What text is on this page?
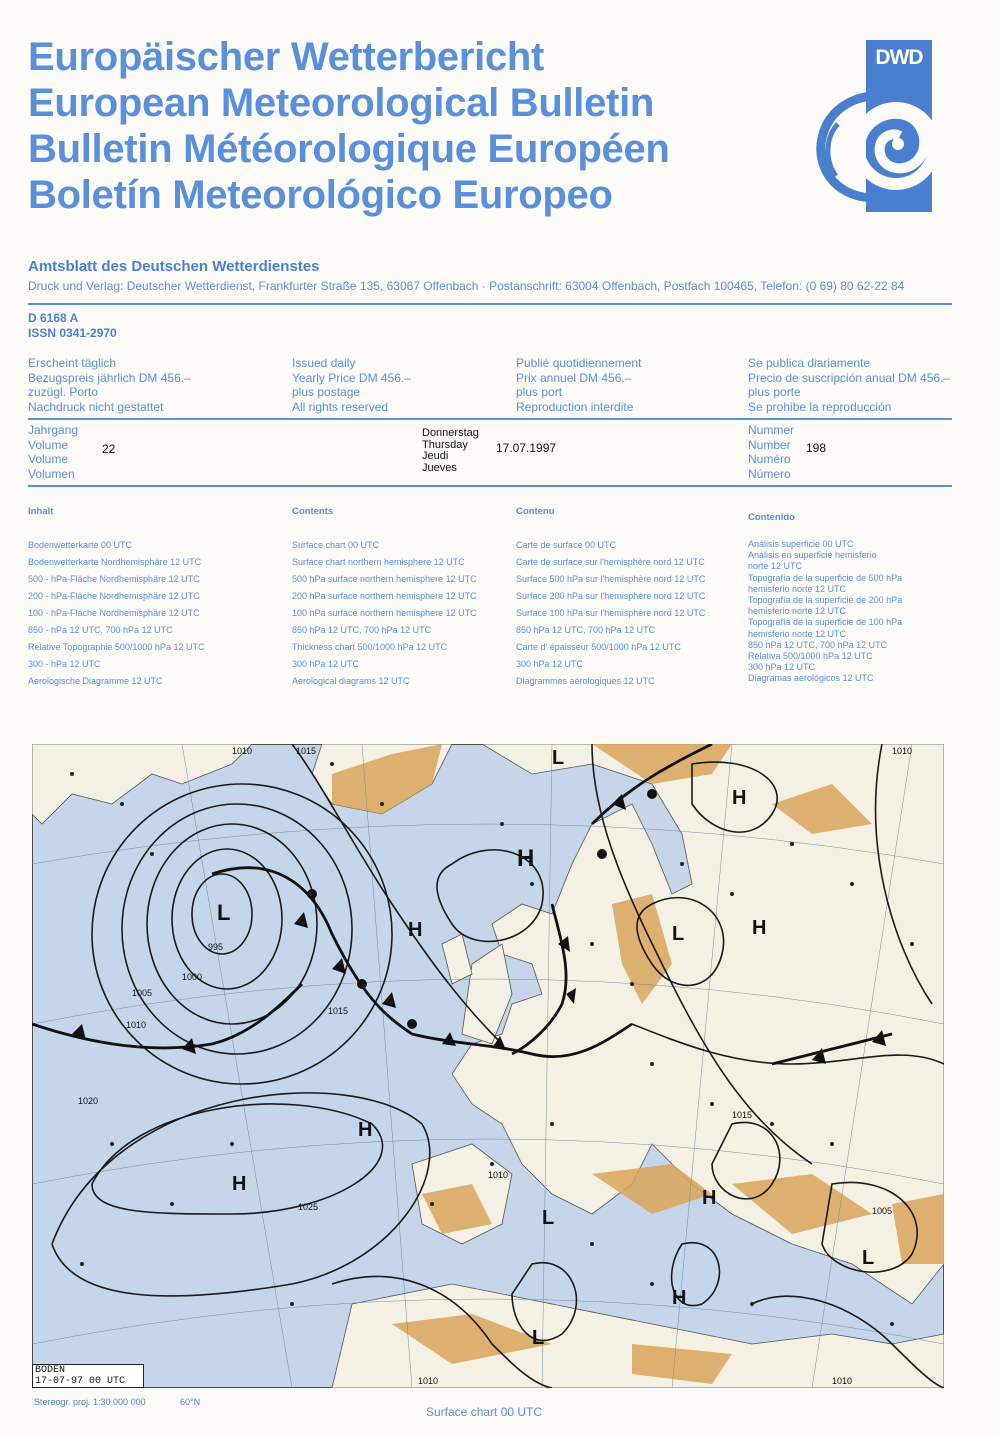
Europäischer Wetterbericht
European Meteorological Bulletin
Bulletin Météorologique Européen
Boletín Meteorológico Europeo
DWD
Amtsblatt des Deutschen Wetterdienstes
Druck und Verlag: Deutscher Wetterdienst, Frankfurter Straße 135, 63067 Offenbach · Postanschrift: 63004 Offenbach, Postfach 100465, Telefon: (0 69) 80 62-22 84
D 6168 A
ISSN 0341-2970
Erscheint täglich
Bezugspreis jährlich DM 456.–
zuzügl. Porto
Nachdruck nicht gestattet
Issued daily
Yearly Price DM 456.–
plus postage
All rights reserved
Publié quotidiennement
Prix annuel DM 456.–
plus port
Reproduction interdite
Se publica diariamente
Precio de suscripción anual DM 456.–
plus porte
Se prohibe la reproducción
Jahrgang
Volume
Volume
Volumen
22
Donnerstag
Thursday
Jeudi
Jueves
17.07.1997
Nummer
Number
Numéro
Número
198
Inhalt
Bodenwetterkarte 00 UTC
Bodenwetterkarte Nordhemisphäre 12 UTC
500 - hPa-Fläche Nordhemisphäre 12 UTC
200 - hPa-Fläche Nordhemisphäre 12 UTC
100 - hPa-Fläche Nordhemisphäre 12 UTC
850 - hPa 12 UTC, 700 hPa 12 UTC
Relative Topographie 500/1000 hPa 12 UTC
300 - hPa 12 UTC
Aerologische Diagramme 12 UTC
Contents
Surface chart 00 UTC
Surface chart northern hemisphere 12 UTC
500 hPa surface northern hemisphere 12 UTC
200 hPa surface northern hemisphere 12 UTC
100 hPa surface northern hemisphere 12 UTC
850 hPa 12 UTC, 700 hPa 12 UTC
Thickness chart 500/1000 hPa 12 UTC
300 hPa 12 UTC
Aerological diagrams 12 UTC
Contenu
Carte de surface 00 UTC
Carte de surface sur l'hemisphère nord 12 UTC
Surface 500 hPa sur l'hemisphère nord 12 UTC
Surface 200 hPa sur l'hemisphère nord 12 UTC
Surface 100 hPa sur l'hemisphère nord 12 UTC
850 hPa 12 UTC, 700 hPa 12 UTC
Carte d' épaisseur 500/1000 hPa 12 UTC
300 hPa 12 UTC
Diagrammes aérologiques 12 UTC
Contenido
Análisis superficie 00 UTC
Análisis en superficie hemisferio
norte 12 UTC
Topografía de la superficie de 500 hPa
hemisferio norte 12 UTC
Topografía de la superficie de 200 hPa
hemisferio norte 12 UTC
Topografía de la superficie de 100 hPa
hemisferio norte 12 UTC
850 hPa 12 UTC, 700 hPa 12 UTC
Relativa 500/1000 hPa 12 UTC
300 hPa 12 UTC
Diagramas aerológicos 12 UTC
L
H
H
H
H
H
H
H
H
L
L
L
L
L
1010	1015
1020
1025
1005
1000
995
1010
1015
1010
1015
1010
1010
1010
1005
BODEN
17-07-97 00 UTC
Stereogr. proj. 1:30 000 000	60°N
Surface chart 00 UTC
